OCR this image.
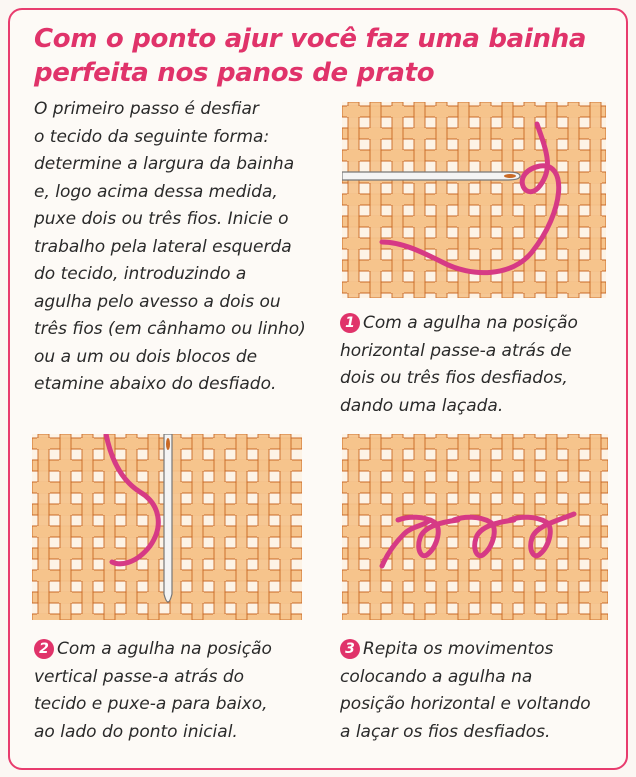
Com o ponto ajur você faz uma bainha
perfeita nos panos de prato
O primeiro passo é desfiar
o tecido da seguinte forma:
determine a largura da bainha
e, logo acima dessa medida,
puxe dois ou três fios. Inicie o
trabalho pela lateral esquerda
do tecido, introduzindo a
agulha pelo avesso a dois ou
três fios (em cânhamo ou linho)
ou a um ou dois blocos de
etamine abaixo do desfiado.
1 Com a agulha na posição
horizontal passe-a atrás de
dois ou três fios desfiados,
dando uma laçada.
2 Com a agulha na posição
vertical passe-a atrás do
tecido e puxe-a para baixo,
ao lado do ponto inicial.
3 Repita os movimentos
colocando a agulha na
posição horizontal e voltando
a laçar os fios desfiados.
